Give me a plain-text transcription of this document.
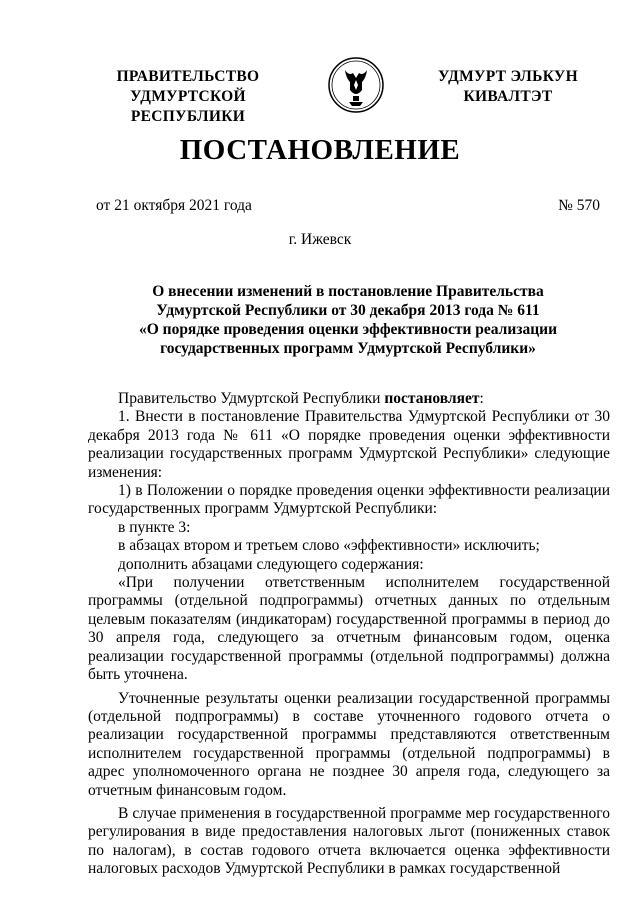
ПРАВИТЕЛЬСТВО
УДМУРТСКОЙ РЕСПУБЛИКИ
УДМУРТ ЭЛЬКУН
КИВАЛТЭТ
ПОСТАНОВЛЕНИЕ
от 21 октября 2021 года	№ 570
г. Ижевск
О внесении изменений в постановление Правительства
Удмуртской Республики от 30 декабря 2013 года № 611
«О порядке проведения оценки эффективности реализации
государственных программ Удмуртской Республики»

Правительство Удмуртской Республики постановляет:

1. Внести в постановление Правительства Удмуртской Республики от 30 декабря 2013 года № 611 «О порядке проведения оценки эффективности реализации государственных программ Удмуртской Республики» следующие изменения:

1) в Положении о порядке проведения оценки эффективности реализации государственных программ Удмуртской Республики:

в пункте 3:

в абзацах втором и третьем слово «эффективности» исключить;

дополнить абзацами следующего содержания:

«При получении ответственным исполнителем государственной программы (отдельной подпрограммы) отчетных данных по отдельным целевым показателям (индикаторам) государственной программы в период до 30 апреля года, следующего за отчетным финансовым годом, оценка реализации государственной программы (отдельной подпрограммы) должна быть уточнена.

Уточненные результаты оценки реализации государственной программы (отдельной подпрограммы) в составе уточненного годового отчета о реализации государственной программы представляются ответственным исполнителем государственной программы (отдельной подпрограммы) в адрес уполномоченного органа не позднее 30 апреля года, следующего за отчетным финансовым годом.

В случае применения в государственной программе мер государственного регулирования в виде предоставления налоговых льгот (пониженных ставок по налогам), в состав годового отчета включается оценка эффективности налоговых расходов Удмуртской Республики в рамках государственной
